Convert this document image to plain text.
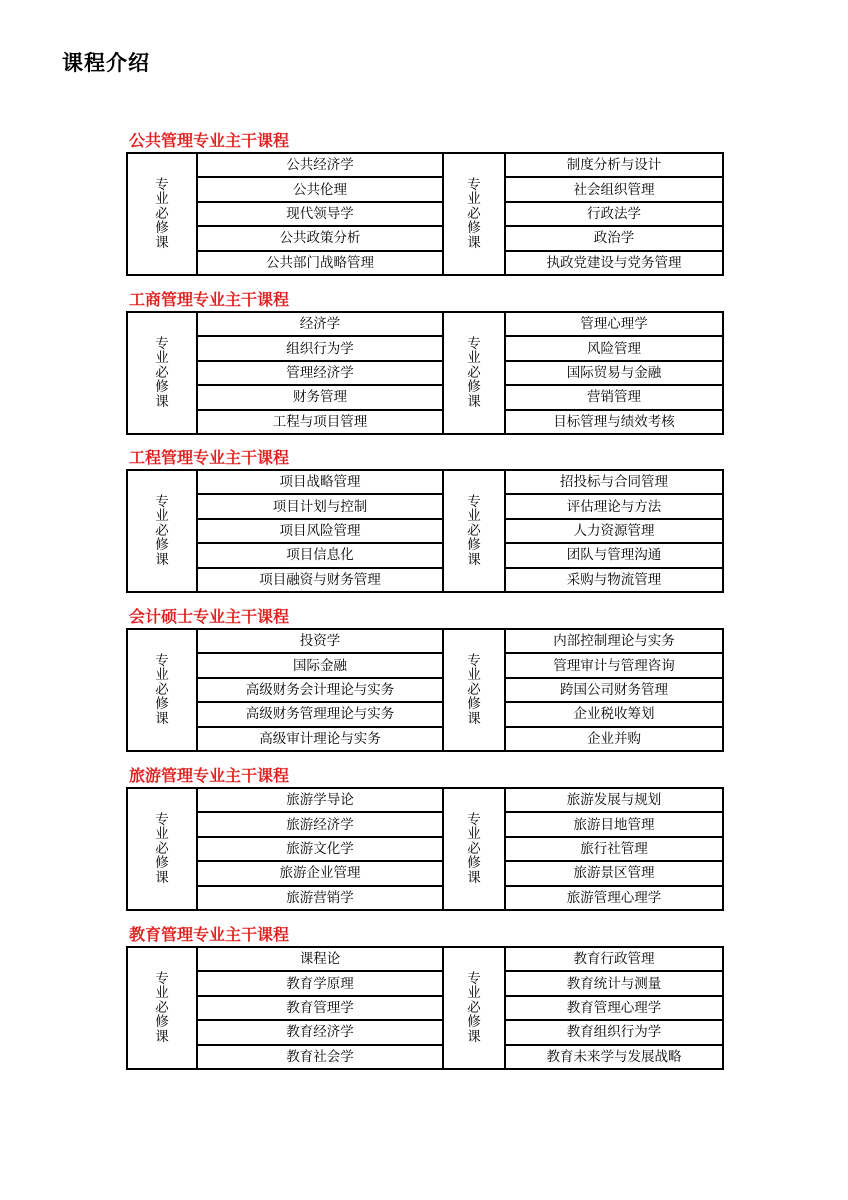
课程介绍
公共管理专业主干课程
专业必修课	公共经济学	专业必修课	制度分析与设计
	公共伦理		社会组织管理
	现代领导学		行政法学
	公共政策分析		政治学
	公共部门战略管理		执政党建设与党务管理
工商管理专业主干课程
专业必修课	经济学	专业必修课	管理心理学
	组织行为学		风险管理
	管理经济学		国际贸易与金融
	财务管理		营销管理
	工程与项目管理		目标管理与绩效考核
工程管理专业主干课程
专业必修课	项目战略管理	专业必修课	招投标与合同管理
	项目计划与控制		评估理论与方法
	项目风险管理		人力资源管理
	项目信息化		团队与管理沟通
	项目融资与财务管理		采购与物流管理
会计硕士专业主干课程
专业必修课	投资学	专业必修课	内部控制理论与实务
	国际金融		管理审计与管理咨询
	高级财务会计理论与实务		跨国公司财务管理
	高级财务管理理论与实务		企业税收筹划
	高级审计理论与实务		企业并购
旅游管理专业主干课程
专业必修课	旅游学导论	专业必修课	旅游发展与规划
	旅游经济学		旅游目地管理
	旅游文化学		旅行社管理
	旅游企业管理		旅游景区管理
	旅游营销学		旅游管理心理学
教育管理专业主干课程
专业必修课	课程论	专业必修课	教育行政管理
	教育学原理		教育统计与测量
	教育管理学		教育管理心理学
	教育经济学		教育组织行为学
	教育社会学		教育未来学与发展战略
